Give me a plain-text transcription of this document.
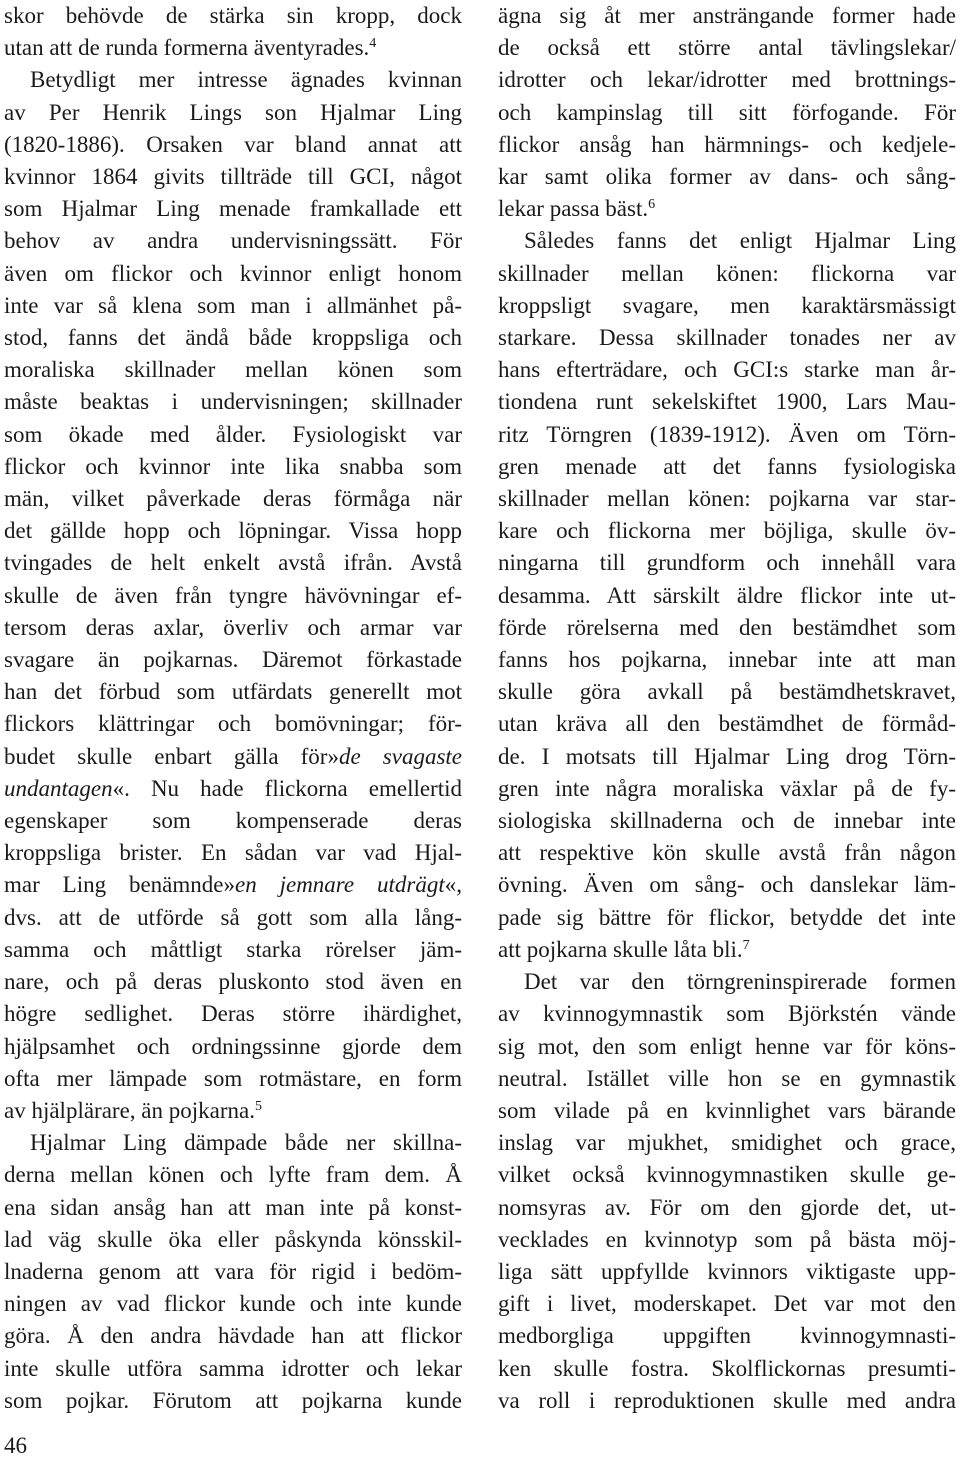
skor behövde de stärka sin kropp, dock
utan att de runda formerna äventyrades.$^4$
Betydligt mer intresse ägnades kvinnan
av Per Henrik Lings son Hjalmar Ling
(1820-1886). Orsaken var bland annat att
kvinnor 1864 givits tillträde till GCI, något
som Hjalmar Ling menade framkallade ett
behov av andra undervisningssätt. För
även om flickor och kvinnor enligt honom
inte var så klena som man i allmänhet på-
stod, fanns det ändå både kroppsliga och
moraliska skillnader mellan könen som
måste beaktas i undervisningen; skillnader
som ökade med ålder. Fysiologiskt var
flickor och kvinnor inte lika snabba som
män, vilket påverkade deras förmåga när
det gällde hopp och löpningar. Vissa hopp
tvingades de helt enkelt avstå ifrån. Avstå
skulle de även från tyngre hävövningar ef-
tersom deras axlar, överliv och armar var
svagare än pojkarnas. Däremot förkastade
han det förbud som utfärdats generellt mot
flickors klättringar och bomövningar; för-
budet skulle enbart gälla för»de svagaste
undantagen«. Nu hade flickorna emellertid
egenskaper som kompenserade deras
kroppsliga brister. En sådan var vad Hjal-
mar Ling benämnde»en jemnare utdrägt«,
dvs. att de utförde så gott som alla lång-
samma och måttligt starka rörelser jäm-
nare, och på deras pluskonto stod även en
högre sedlighet. Deras större ihärdighet,
hjälpsamhet och ordningssinne gjorde dem
ofta mer lämpade som rotmästare, en form
av hjälplärare, än pojkarna.$^5$
Hjalmar Ling dämpade både ner skillna-
derna mellan könen och lyfte fram dem. Å
ena sidan ansåg han att man inte på konst-
lad väg skulle öka eller påskynda könsskil-
lnaderna genom att vara för rigid i bedöm-
ningen av vad flickor kunde och inte kunde
göra. Å den andra hävdade han att flickor
inte skulle utföra samma idrotter och lekar
som pojkar. Förutom att pojkarna kunde
ägna sig åt mer ansträngande former hade
de också ett större antal tävlingslekar/
idrotter och lekar/idrotter med brottnings-
och kampinslag till sitt förfogande. För
flickor ansåg han härmnings- och kedjele-
kar samt olika former av dans- och sång-
lekar passa bäst.$^6$
Således fanns det enligt Hjalmar Ling
skillnader mellan könen: flickorna var
kroppsligt svagare, men karaktärsmässigt
starkare. Dessa skillnader tonades ner av
hans efterträdare, och GCI:s starke man år-
tiondena runt sekelskiftet 1900, Lars Mau-
ritz Törngren (1839-1912). Även om Törn-
gren menade att det fanns fysiologiska
skillnader mellan könen: pojkarna var star-
kare och flickorna mer böjliga, skulle öv-
ningarna till grundform och innehåll vara
desamma. Att särskilt äldre flickor inte ut-
förde rörelserna med den bestämdhet som
fanns hos pojkarna, innebar inte att man
skulle göra avkall på bestämdhetskravet,
utan kräva all den bestämdhet de förmåd-
de. I motsats till Hjalmar Ling drog Törn-
gren inte några moraliska växlar på de fy-
siologiska skillnaderna och de innebar inte
att respektive kön skulle avstå från någon
övning. Även om sång- och danslekar läm-
pade sig bättre för flickor, betydde det inte
att pojkarna skulle låta bli.$^7$
Det var den törngreninspirerade formen
av kvinnogymnastik som Björkstén vände
sig mot, den som enligt henne var för köns-
neutral. Istället ville hon se en gymnastik
som vilade på en kvinnlighet vars bärande
inslag var mjukhet, smidighet och grace,
vilket också kvinnogymnastiken skulle ge-
nomsyras av. För om den gjorde det, ut-
vecklades en kvinnotyp som på bästa möj-
liga sätt uppfyllde kvinnors viktigaste upp-
gift i livet, moderskapet. Det var mot den
medborgliga uppgiften kvinnogymnasti-
ken skulle fostra. Skolflickornas presumti-
va roll i reproduktionen skulle med andra
46
